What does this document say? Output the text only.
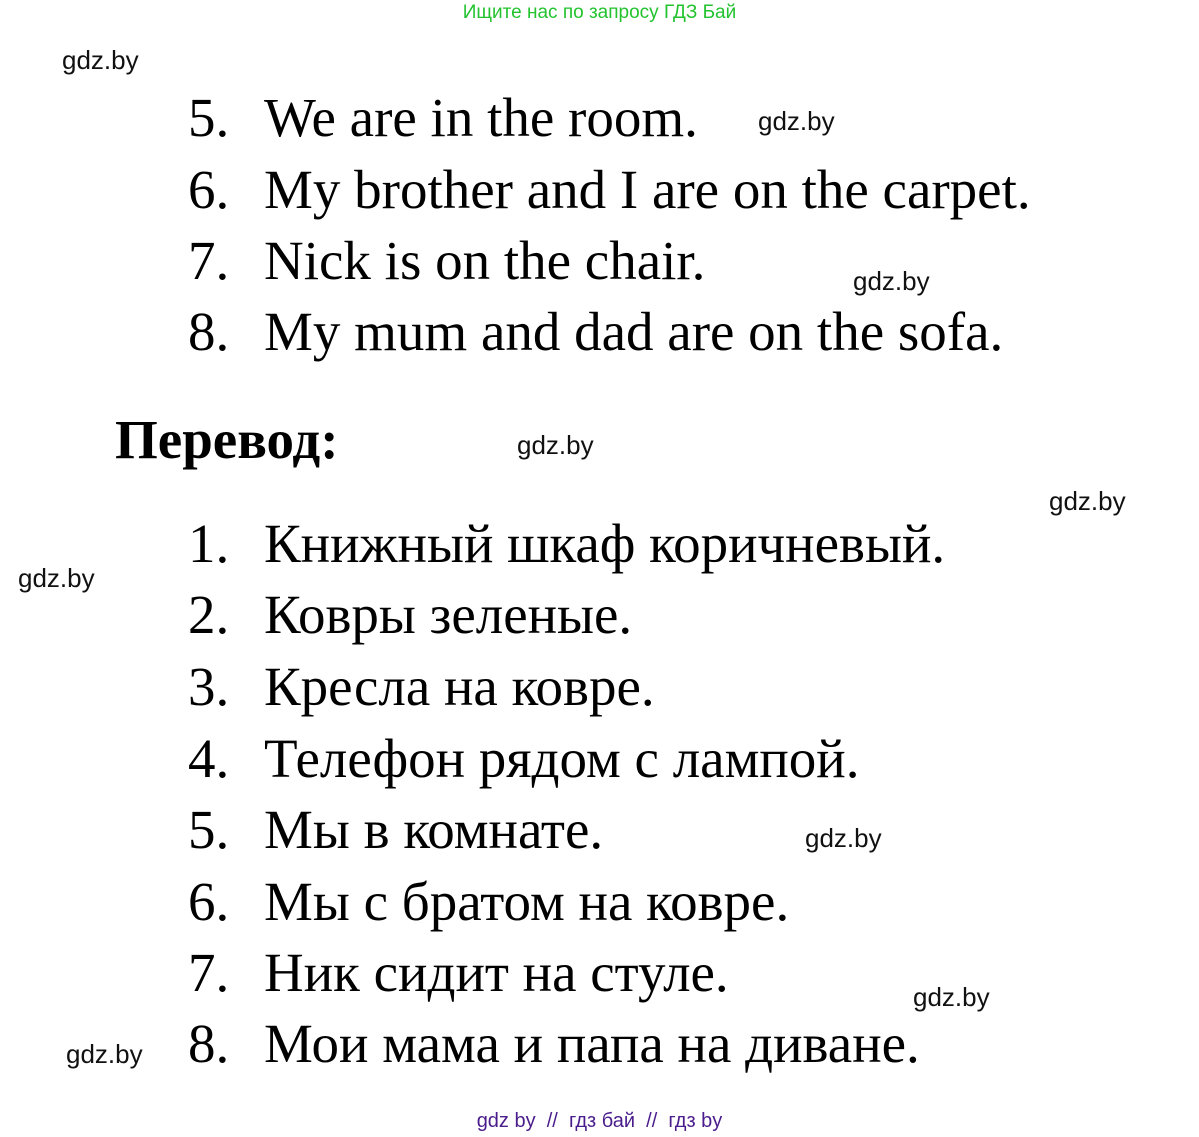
Ищите нас по запросу ГДЗ Бай
gdz.by
gdz.by
gdz.by
gdz.by
gdz.by
gdz.by
gdz.by
gdz.by
gdz.by
5. We are in the room.
6. My brother and I are on the carpet.
7. Nick is on the chair.
8. My mum and dad are on the sofa.
Перевод:
1. Книжный шкаф коричневый.
2. Ковры зеленые.
3. Кресла на ковре.
4. Телефон рядом с лампой.
5. Мы в комнате.
6. Мы с братом на ковре.
7. Ник сидит на стуле.
8. Мои мама и папа на диване.
gdz by  //  гдз бай  //  гдз by
